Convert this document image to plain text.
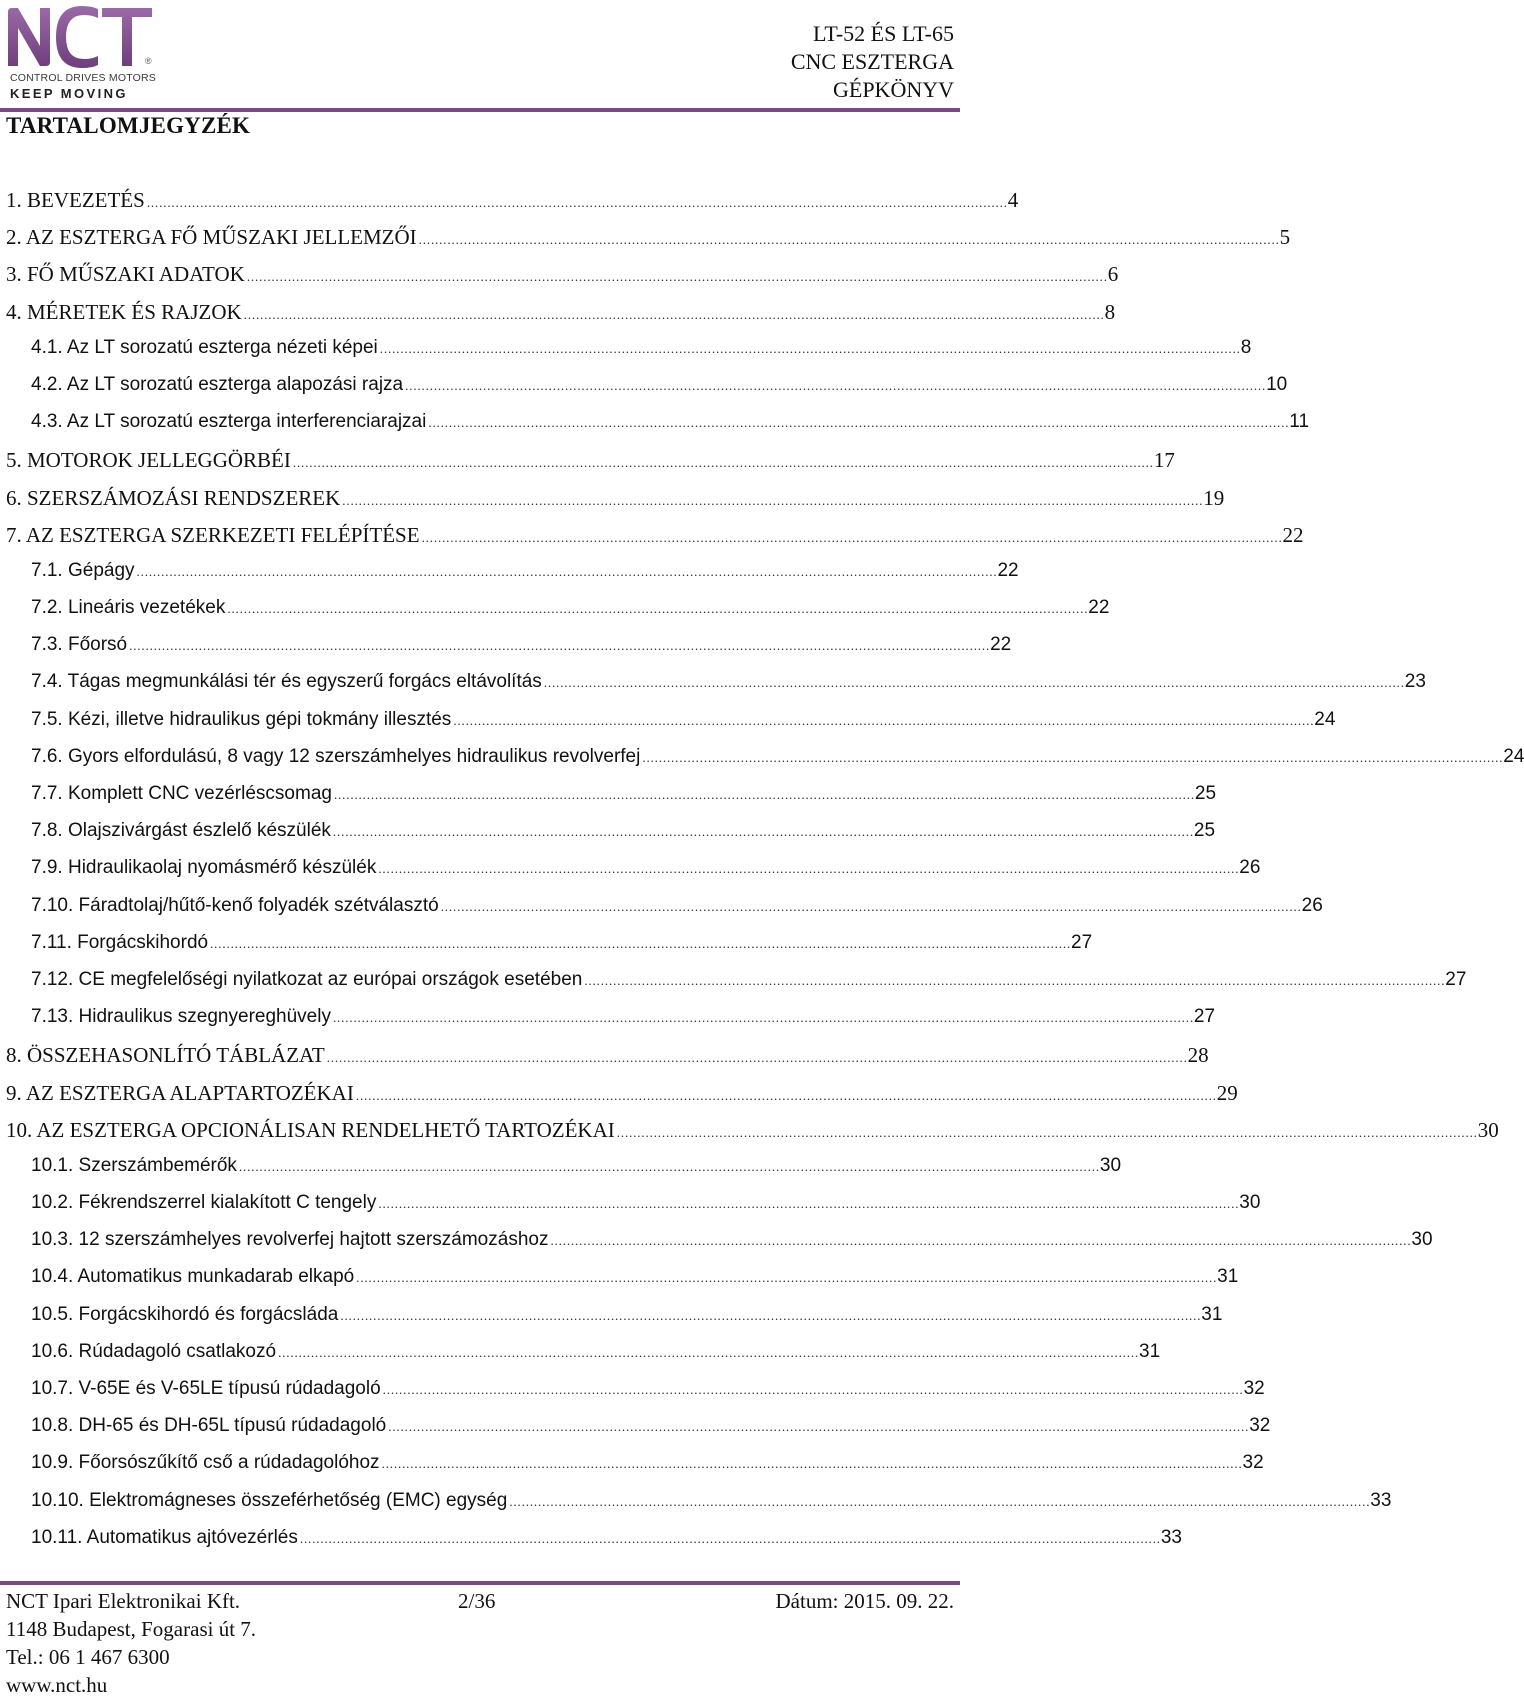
®
CONTROL DRIVES MOTORS
KEEP MOVING
LT-52 ÉS LT-65
CNC ESZTERGA
GÉPKÖNYV
TARTALOMJEGYZÉK
1. BEVEZETÉS . . .	4
2. AZ ESZTERGA FŐ MŰSZAKI JELLEMZŐI . . .	5
3. FŐ MŰSZAKI ADATOK . . .	6
4. MÉRETEK ÉS RAJZOK . . .	8
4.1. Az LT sorozatú eszterga nézeti képei . . .	8
4.2. Az LT sorozatú eszterga alapozási rajza . . .	10
4.3. Az LT sorozatú eszterga interferenciarajzai . . .	11
5. MOTOROK JELLEGGÖRBÉI . . .	17
6. SZERSZÁMOZÁSI RENDSZEREK . . .	19
7. AZ ESZTERGA SZERKEZETI FELÉPÍTÉSE . . .	22
7.1. Gépágy . . .	22
7.2. Lineáris vezetékek . . .	22
7.3. Főorsó . . .	22
7.4. Tágas megmunkálási tér és egyszerű forgács eltávolítás . . .	23
7.5. Kézi, illetve hidraulikus gépi tokmány illesztés . . .	24
7.6. Gyors elfordulású, 8 vagy 12 szerszámhelyes hidraulikus revolverfej . . .	24
7.7. Komplett CNC vezérléscsomag . . .	25
7.8. Olajszivárgást észlelő készülék . . .	25
7.9. Hidraulikaolaj nyomásmérő készülék . . .	26
7.10. Fáradtolaj/hűtő-kenő folyadék szétválasztó . . .	26
7.11. Forgácskihordó . . .	27
7.12. CE megfelelőségi nyilatkozat az európai országok esetében . . .	27
7.13. Hidraulikus szegnyereghüvely . . .	27
8. ÖSSZEHASONLÍTÓ TÁBLÁZAT . . .	28
9. AZ ESZTERGA ALAPTARTOZÉKAI . . .	29
10. AZ ESZTERGA OPCIONÁLISAN RENDELHETŐ TARTOZÉKAI . . .	30
10.1. Szerszámbemérők . . .	30
10.2. Fékrendszerrel kialakított C tengely . . .	30
10.3. 12 szerszámhelyes revolverfej hajtott szerszámozáshoz . . .	30
10.4. Automatikus munkadarab elkapó . . .	31
10.5. Forgácskihordó és forgácsláda . . .	31
10.6. Rúdadagoló csatlakozó . . .	31
10.7. V-65E és V-65LE típusú rúdadagoló . . .	32
10.8. DH-65 és DH-65L típusú rúdadagoló . . .	32
10.9. Főorsószűkítő cső a rúdadagolóhoz . . .	32
10.10. Elektromágneses összeférhetőség (EMC) egység . . .	33
10.11. Automatikus ajtóvezérlés . . .	33
NCT Ipari Elektronikai Kft.	2/36	Dátum: 2015. 09. 22.
1148 Budapest, Fogarasi út 7.
Tel.: 06 1 467 6300
www.nct.hu
